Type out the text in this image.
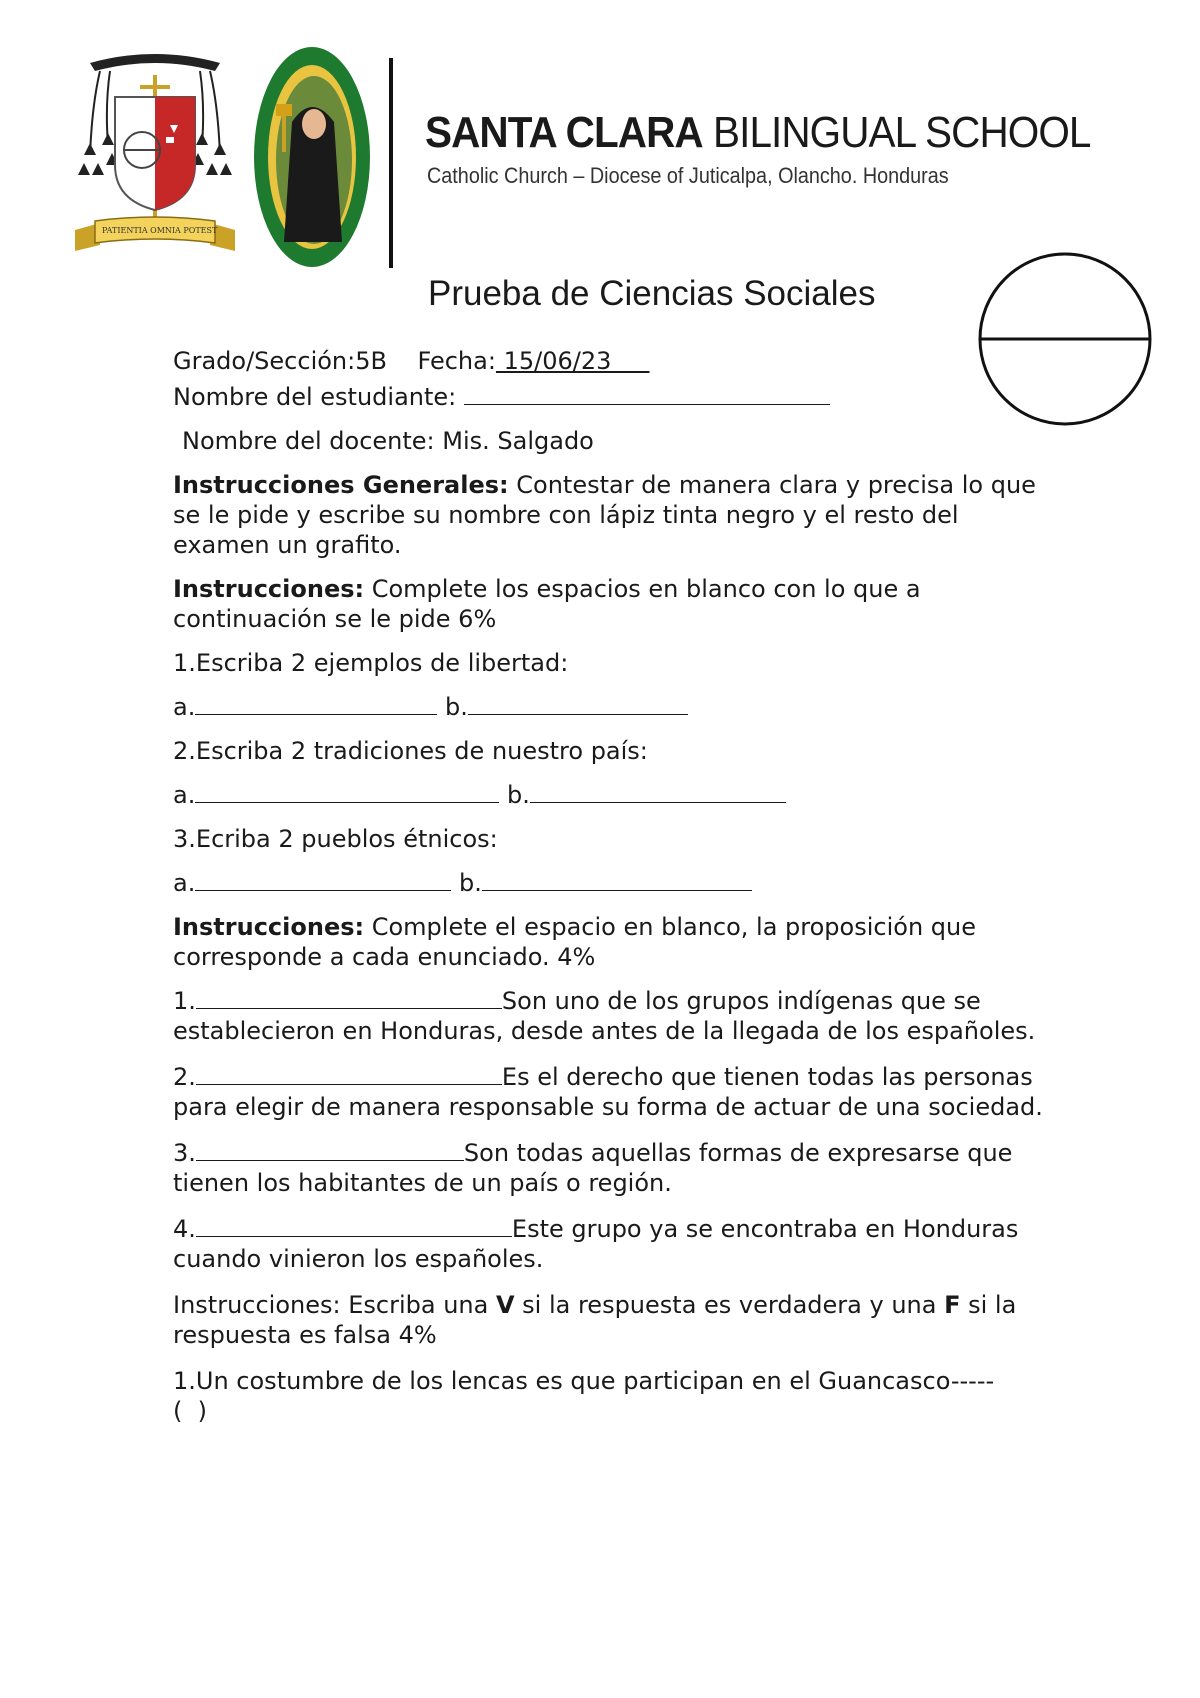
PATIENTIA OMNIA POTEST
SANTA CLARA BILINGUAL SCHOOL
Catholic Church – Diocese of Juticalpa, Olancho. Honduras
Prueba de Ciencias Sociales

Grado/Sección:5B Fecha: 15/06/23

Nombre del estudiante:

Nombre del docente: Mis. Salgado

Instrucciones Generales: Contestar de manera clara y precisa lo que se le pide y escribe su nombre con lápiz tinta negro y el resto del examen un grafito.

Instrucciones: Complete los espacios en blanco con lo que a continuación se le pide 6%

1.Escriba 2 ejemplos de libertad:

a.	b.

2.Escriba 2 tradiciones de nuestro país:

a.	b.

3.Ecriba 2 pueblos étnicos:

a.	b.

Instrucciones: Complete el espacio en blanco, la proposición que corresponde a cada enunciado. 4%

1.	Son uno de los grupos indígenas que se establecieron en Honduras, desde antes de la llegada de los españoles.

2.	Es el derecho que tienen todas las personas para elegir de manera responsable su forma de actuar de una sociedad.

3.	Son todas aquellas formas de expresarse que tienen los habitantes de un país o región.

4.	Este grupo ya se encontraba en Honduras cuando vinieron los españoles.

Instrucciones: Escriba una V si la respuesta es verdadera y una F si la respuesta es falsa 4%

1.Un costumbre de los lencas es que participan en el Guancasco-----
(  )
